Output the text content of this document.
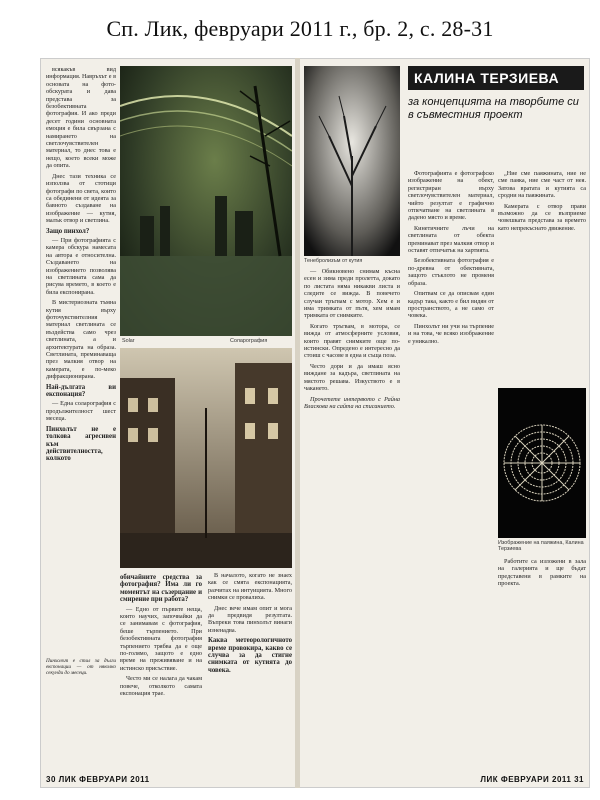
Сп. Лик, февруари 2011 г., бр. 2, с. 28-31

всякакъв вид информация. Навръхът е в основата на фото-обскурата и дава представа за безобективната фотография. И ако преди десет години основната емоция е била свързана с намирането на светлочувствителен материал, то днес това е нещо, което всеки може да опита.

Днес тази техника се използва от стотици фотографи по света, които са обединени от идеята за бавното създаване на изображение — кутия, малък отвор и светлина.

Защо пинхол?

— При фотографията с камера обскура намесата на автора е относителна. Създаването на изображението позволява на светлината сама да рисува времето, в което е била експонирана.

В мистериозната тъмна кутия върху фоточувствителния материал светлината се въздейства само чрез светлината, а и архитектурата на образа. Светлината, преминаваща през малкия отвор на камерата, е по-меко дифракционирана.

Най-дългата ви експонация?

— Една соларография с продължителност шест месеца.

Пинхолът не е толкова агресивен към действителността, колкото
Пинхолът е стил за дълги експонации — от няколко секунди до месеци.
Solar	Соларография
обичайните средства за фотография? Има ли го моментът на съзерцание и смирение при работа?

— Едно от първите неща, които научих, започвайки да се занимавам с фотография, беше търпението. При безобективната фотография търпението трябва да е още по-голямо, защото е едно време на преживяване и на истинско присъствие.

Често ми се налага да чакам повече, отколкото самата експонация трае.

В началото, когато не знаех как се смята експонацията, разчитах на интуицията. Много снимки се провалиха.

Днес вече имам опит и мога да предвидя резултата. Въпреки това пинхолът винаги изненадва.

Каква метеорологичното време провокира, какво се случва за да стигне снимката от кутията до човека.
30 ЛИК ФЕВРУАРИ 2011
Тенебролизъм от кутия

— Обикновено снимам късна есен и зима преди пролетта, докато по листата няма никакви листа и следите се вижда. В повечето случаи тръгвам с мотор. Хем е и има тримката от пътя, хем имам тримката от снимките.

Когато тръгвам, в мотора, се вижда от атмосферните условия, които правят снимките още по-истински. Опредено е интересно да стоиш с часове в една и съща поза.

Често дори и да имаш ясно виждане за кадъра, светлината на мястото решава. Изкуството е в чакането.

Прочетете интервюто с Райна Власкова на сайта на списанието.

КАЛИНА ТЕРЗИЕВА
за концепцията на творбите си в съвместния проект

Фотографията е фотографско изображение на обект, регистриран върху светлочувствителен материал, чийто резултат е графично отпечатване на светлината в дадено място и време.

Кинетичните лъчи на светлината от обекта преминават през малкия отвор и оставят отпечатък на хартията.

Безобективната фотография е по-древна от обективната, защото стъклото не променя образа.

Опитвам се да описвам един кадър така, както е бил видян от пространството, а не само от човека.

Пинхолът ни учи на търпение и на това, че всяко изображение е уникално.

„Ние сме паяжината, ние не сме паяка, ние сме част от нея. Затова вратата и кутията са сродни на паяжината.

Камерата с отвор прави възможно да се възприеме човешката представа за времето като непрекъснато движение.

Изображение на паяжина, Калина Терзиева

Работите са изложени в зала на галерията и ще бъдат представени в рамките на проекта.

ЛИК ФЕВРУАРИ 2011 31
